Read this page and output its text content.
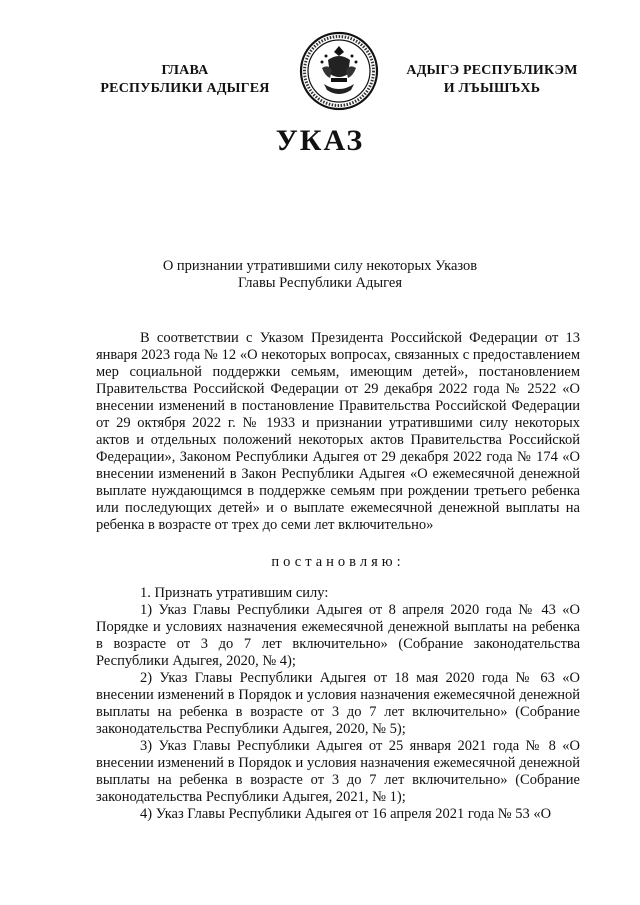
ГЛАВА
РЕСПУБЛИКИ АДЫГЕЯ
АДЫГЭ РЕСПУБЛИКЭМ
И ЛЪЫШЪХЬ
УКАЗ
О признании утратившими силу некоторых Указов
Главы Республики Адыгея

В соответствии с Указом Президента Российской Федерации от 13 января 2023 года № 12 «О некоторых вопросах, связанных с предоставлением мер социальной поддержки семьям, имеющим детей», постановлением Правительства Российской Федерации от 29 декабря 2022 года № 2522 «О внесении изменений в постановление Правительства Российской Федерации от 29 октября 2022 г. № 1933 и признании утратившими силу некоторых актов и отдельных положений некоторых актов Правительства Российской Федерации», Законом Республики Адыгея от 29 декабря 2022 года № 174 «О внесении изменений в Закон Республики Адыгея «О ежемесячной денежной выплате нуждающимся в поддержке семьям при рождении третьего ребенка или последующих детей» и о выплате ежемесячной денежной выплаты на ребенка в возрасте от трех до семи лет включительно»

постановляю:

1. Признать утратившим силу:

1) Указ Главы Республики Адыгея от 8 апреля 2020 года № 43 «О Порядке и условиях назначения ежемесячной денежной выплаты на ребенка в возрасте от 3 до 7 лет включительно» (Собрание законодательства Республики Адыгея, 2020, № 4);

2) Указ Главы Республики Адыгея от 18 мая 2020 года № 63 «О внесении изменений в Порядок и условия назначения ежемесячной денежной выплаты на ребенка в возрасте от 3 до 7 лет включительно» (Собрание законодательства Республики Адыгея, 2020, № 5);

3) Указ Главы Республики Адыгея от 25 января 2021 года № 8 «О внесении изменений в Порядок и условия назначения ежемесячной денежной выплаты на ребенка в возрасте от 3 до 7 лет включительно» (Собрание законодательства Республики Адыгея, 2021, № 1);

4) Указ Главы Республики Адыгея от 16 апреля 2021 года № 53 «О
